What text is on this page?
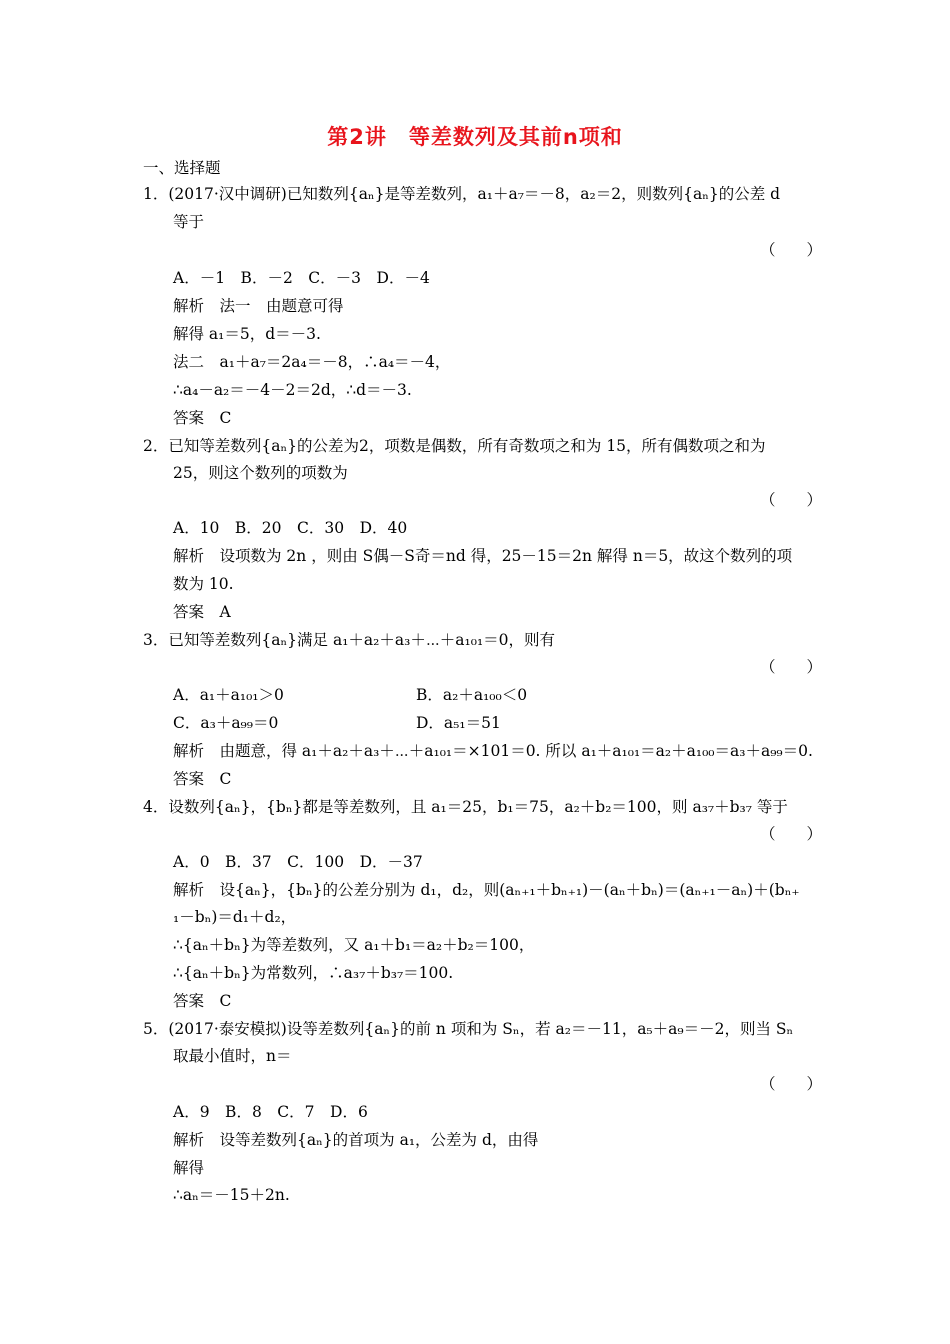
第2讲　等差数列及其前n项和
一、选择题
1．(2017·汉中调研)已知数列{aₙ}是等差数列，a₁＋a₇＝－8，a₂＝2，则数列{aₙ}的公差 d
等于
（　　）
A．－1　B．－2　C．－3　D．－4
解析　法一　由题意可得
解得 a₁＝5，d＝－3.
法二　a₁＋a₇＝2a₄＝－8，∴a₄＝－4，
∴a₄－a₂＝－4－2＝2d，∴d＝－3.
答案　C
2．已知等差数列{aₙ}的公差为2，项数是偶数，所有奇数项之和为 15，所有偶数项之和为
25，则这个数列的项数为
（　　）
A．10　B．20　C．30　D．40
解析　设项数为 2n ，则由 S偶－S奇＝nd 得，25－15＝2n 解得 n＝5，故这个数列的项
数为 10.
答案　A
3．已知等差数列{aₙ}满足 a₁＋a₂＋a₃＋⋯＋a₁₀₁＝0，则有
（　　）
A．a₁＋a₁₀₁＞0	B．a₂＋a₁₀₀＜0
C．a₃＋a₉₉＝0	D．a₅₁＝51
解析　由题意，得 a₁＋a₂＋a₃＋⋯＋a₁₀₁＝×101＝0. 所以 a₁＋a₁₀₁＝a₂＋a₁₀₀＝a₃＋a₉₉＝0.
答案　C
4．设数列{aₙ}，{bₙ}都是等差数列，且 a₁＝25，b₁＝75，a₂＋b₂＝100，则 a₃₇＋b₃₇ 等于
（　　）
A．0　B．37　C．100　D．－37
解析　设{aₙ}，{bₙ}的公差分别为 d₁，d₂，则(aₙ₊₁＋bₙ₊₁)－(aₙ＋bₙ)＝(aₙ₊₁－aₙ)＋(bₙ₊
₁－bₙ)＝d₁＋d₂，
∴{aₙ＋bₙ}为等差数列，又 a₁＋b₁＝a₂＋b₂＝100，
∴{aₙ＋bₙ}为常数列，∴a₃₇＋b₃₇＝100.
答案　C
5．(2017·泰安模拟)设等差数列{aₙ}的前 n 项和为 Sₙ，若 a₂＝－11，a₅＋a₉＝－2，则当 Sₙ
取最小值时，n＝
（　　）
A．9　B．8　C．7　D．6
解析　设等差数列{aₙ}的首项为 a₁，公差为 d，由得
解得
∴aₙ＝－15＋2n.
